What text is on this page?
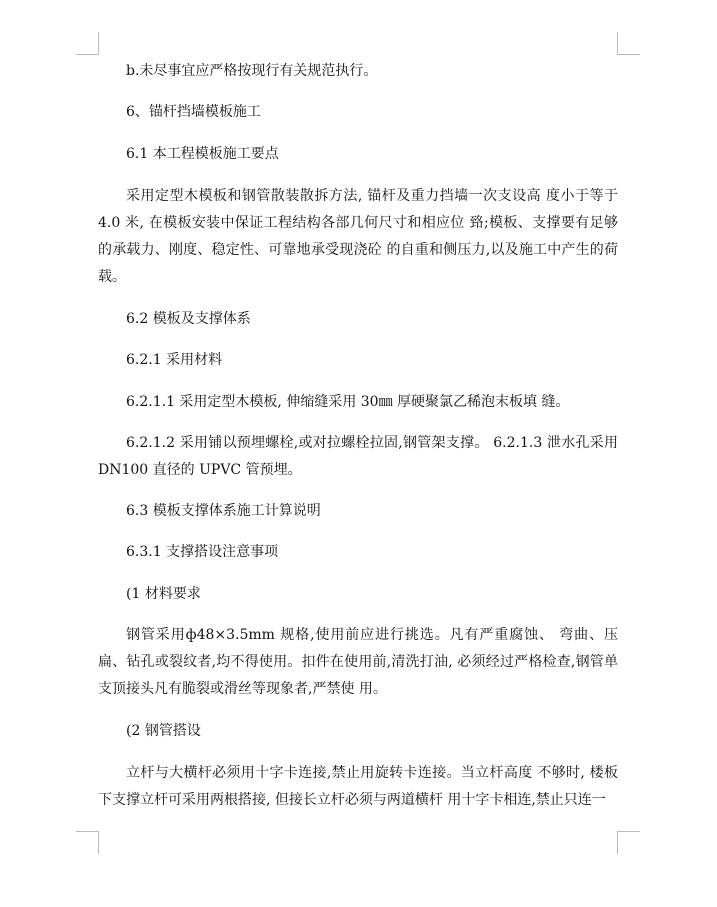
b.未尽事宜应严格按现行有关规范执行。

6、锚杆挡墙模板施工

6.1 本工程模板施工要点

采用定型木模板和钢管散装散拆方法, 锚杆及重力挡墙一次支设高 度小于等于 4.0 米, 在模板安装中保证工程结构各部几何尺寸和相应位 臵;模板、支撑要有足够的承载力、刚度、稳定性、可靠地承受现浇砼 的自重和侧压力,以及施工中产生的荷载。

6.2 模板及支撑体系

6.2.1 采用材料

6.2.1.1 采用定型木模板, 伸缩缝采用 30㎜ 厚硬聚氯乙稀泡末板填 缝。

6.2.1.2 采用铺以预埋螺栓,或对拉螺栓拉固,钢管架支撑。 6.2.1.3 泄水孔采用 DN100 直径的 UPVC 管预埋。

6.3 模板支撑体系施工计算说明

6.3.1 支撑搭设注意事项

(1 材料要求

钢管采用ф48×3.5mm 规格,使用前应进行挑选。凡有严重腐蚀、 弯曲、压扁、钻孔或裂纹者,均不得使用。扣件在使用前,清洗打油, 必须经过严格检查,钢管单支顶接头凡有脆裂或滑丝等现象者,严禁使 用。

(2 钢管搭设

立杆与大横杆必须用十字卡连接,禁止用旋转卡连接。当立杆高度 不够时, 楼板下支撑立杆可采用两根搭接, 但接长立杆必须与两道横杆 用十字卡相连,禁止只连一
